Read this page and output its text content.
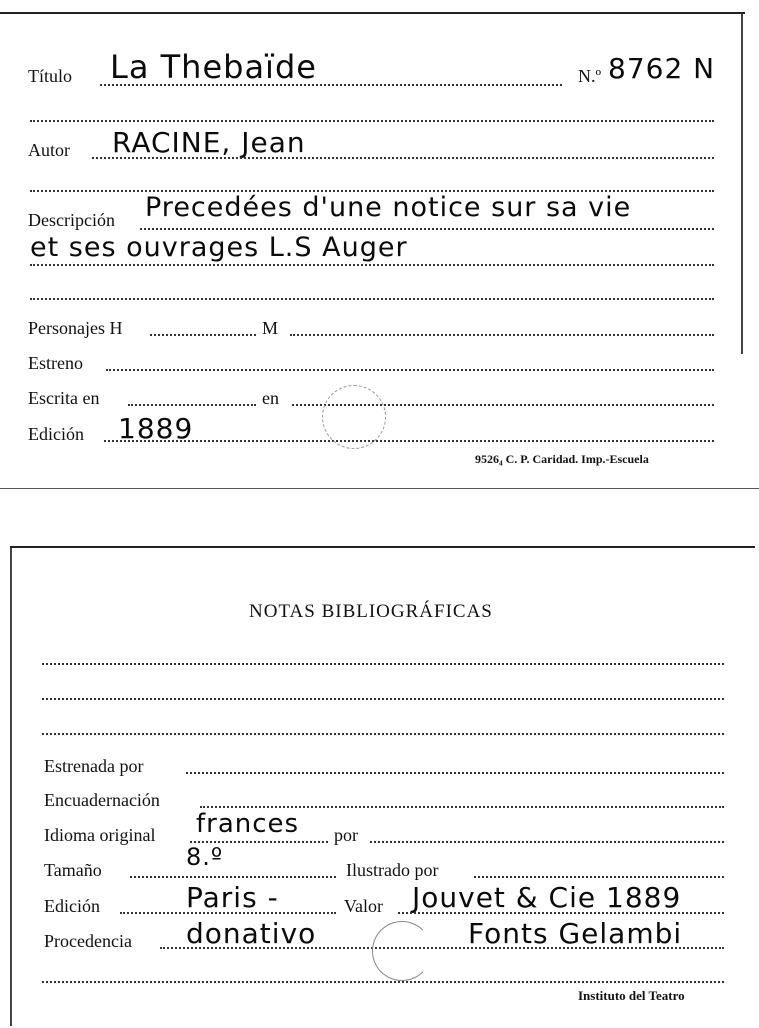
Título La Thebaïde	N.º 8762 N
Autor RACINE, Jean
Descripción Precedées d'une notice sur sa vie
et ses ouvrages L.S Auger
Personajes H	M
Estreno
Escrita en	en
Edición 1889
9526₄ C. P. Caridad. Imp.-Escuela
NOTAS BIBLIOGRÁFICAS
Estrenada por
Encuadernación
Idioma original frances por
Tamaño	8.º	Ilustrado por
Edición	Paris -	Valor Jouvet & Cie 1889
Procedencia donativo	Fonts Gelambi
Instituto del Teatro
